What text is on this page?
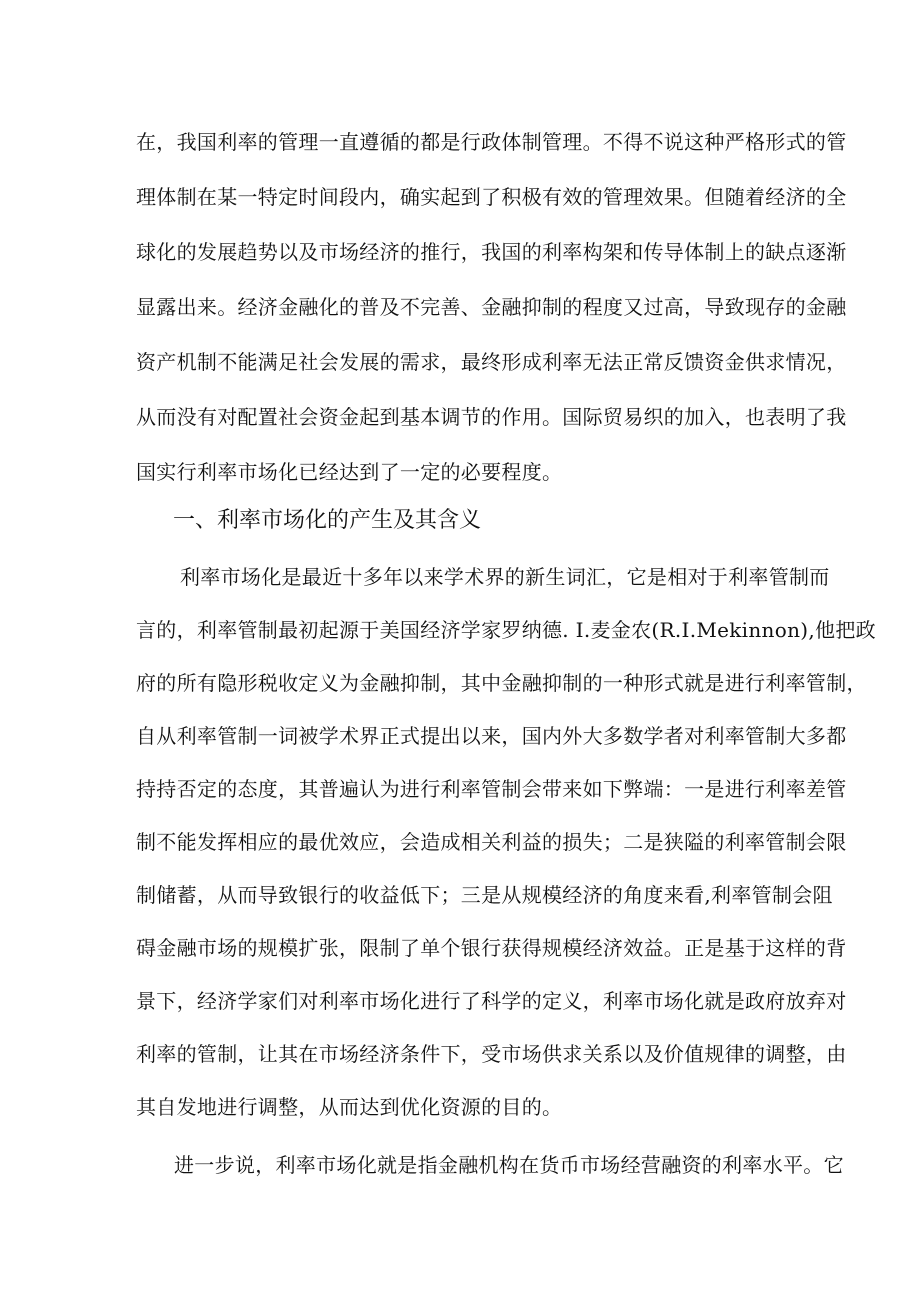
在，我国利率的管理一直遵循的都是行政体制管理。不得不说这种严格形式的管
理体制在某一特定时间段内，确实起到了积极有效的管理效果。但随着经济的全
球化的发展趋势以及市场经济的推行，我国的利率构架和传导体制上的缺点逐渐
显露出来。经济金融化的普及不完善、金融抑制的程度又过高，导致现存的金融
资产机制不能满足社会发展的需求，最终形成利率无法正常反馈资金供求情况，
从而没有对配置社会资金起到基本调节的作用。国际贸易织的加入，也表明了我
国实行利率市场化已经达到了一定的必要程度。
一、利率市场化的产生及其含义
利率市场化是最近十多年以来学术界的新生词汇，它是相对于利率管制而
言的，利率管制最初起源于美国经济学家罗纳德. I.麦金农(R.I.Mekinnon),他把政
府的所有隐形税收定义为金融抑制，其中金融抑制的一种形式就是进行利率管制，
自从利率管制一词被学术界正式提出以来，国内外大多数学者对利率管制大多都
持持否定的态度，其普遍认为进行利率管制会带来如下弊端：一是进行利率差管
制不能发挥相应的最优效应，会造成相关利益的损失；二是狭隘的利率管制会限
制储蓄，从而导致银行的收益低下；三是从规模经济的角度来看,利率管制会阻
碍金融市场的规模扩张，限制了单个银行获得规模经济效益。正是基于这样的背
景下，经济学家们对利率市场化进行了科学的定义，利率市场化就是政府放弃对
利率的管制，让其在市场经济条件下，受市场供求关系以及价值规律的调整，由
其自发地进行调整，从而达到优化资源的目的。
进一步说，利率市场化就是指金融机构在货币市场经营融资的利率水平。它
